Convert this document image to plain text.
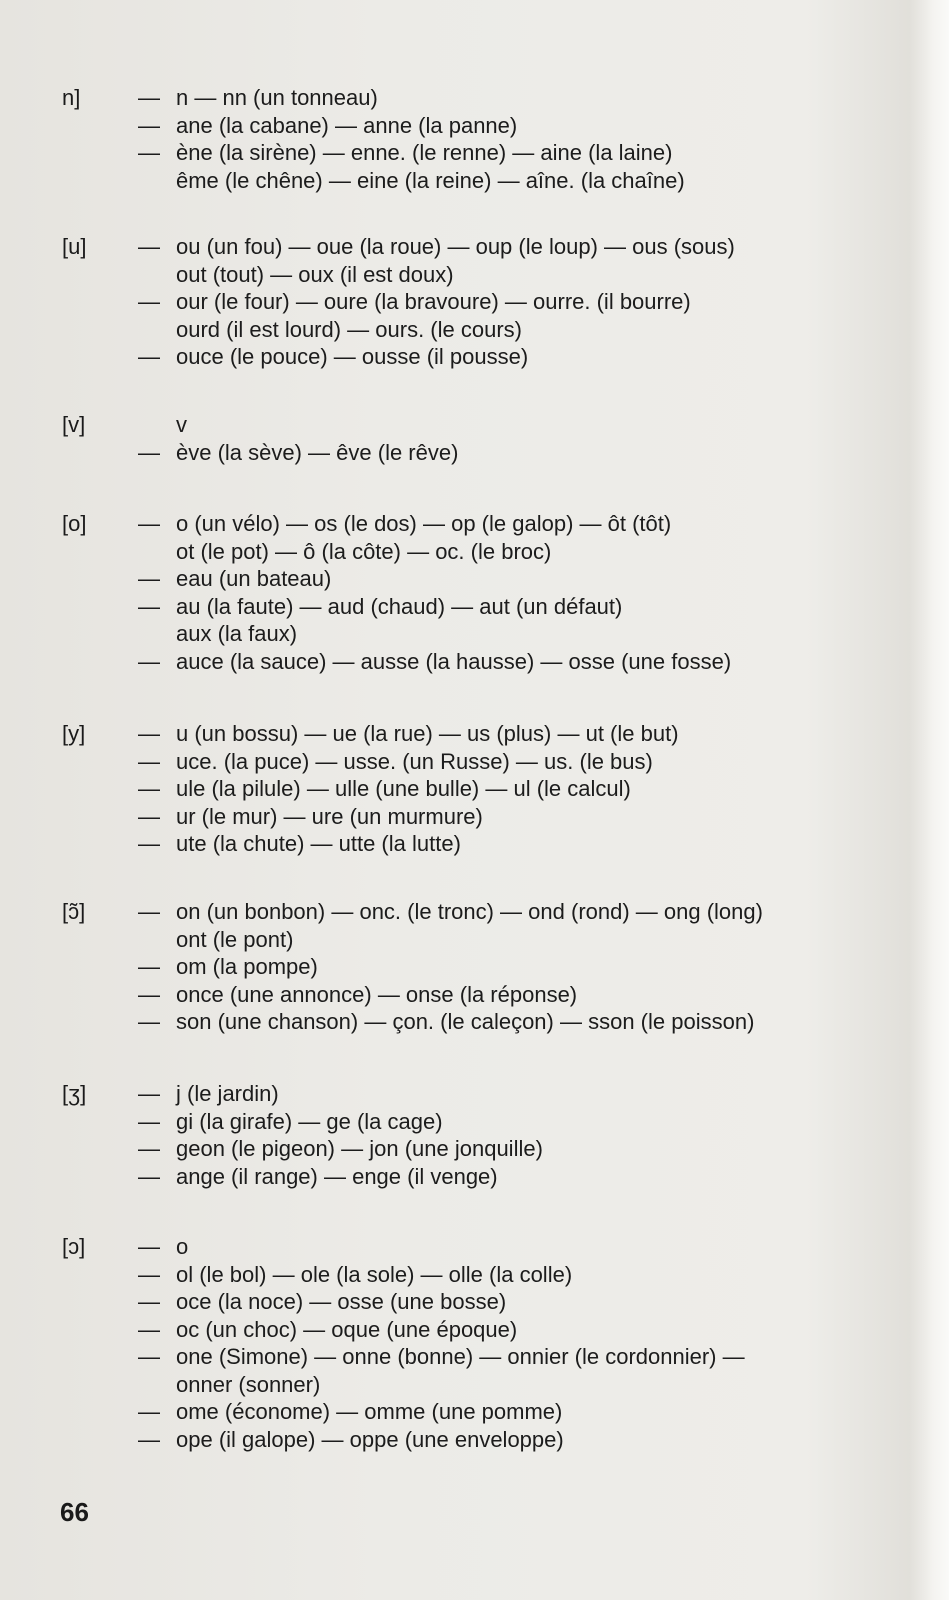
n]	— n — nn (un tonneau)
— ane (la cabane) — anne (la panne)
— ène (la sirène) — enne. (le renne) — aine (la laine)
ême (le chêne) — eine (la reine) — aîne. (la chaîne)
[u] — ou (un fou) — oue (la roue) — oup (le loup) — ous (sous)
out (tout) — oux (il est doux)
— our (le four) — oure (la bravoure) — ourre. (il bourre)
ourd (il est lourd) — ours. (le cours)
— ouce (le pouce) — ousse (il pousse)
[v]	v
— ève (la sève) — êve (le rêve)
[o] — o (un vélo) — os (le dos) — op (le galop) — ôt (tôt)
ot (le pot) — ô (la côte) — oc. (le broc)
— eau (un bateau)
— au (la faute) — aud (chaud) — aut (un défaut)
aux (la faux)
— auce (la sauce) — ausse (la hausse) — osse (une fosse)
[y] — u (un bossu) — ue (la rue) — us (plus) — ut (le but)
— uce. (la puce) — usse. (un Russe) — us. (le bus)
— ule (la pilule) — ulle (une bulle) — ul (le calcul)
— ur (le mur) — ure (un murmure)
— ute (la chute) — utte (la lutte)
[ɔ̃] — on (un bonbon) — onc. (le tronc) — ond (rond) — ong (long)
ont (le pont)
— om (la pompe)
— once (une annonce) — onse (la réponse)
— son (une chanson) — çon. (le caleçon) — sson (le poisson)
[ʒ] — j (le jardin)
— gi (la girafe) — ge (la cage)
— geon (le pigeon) — jon (une jonquille)
— ange (il range) — enge (il venge)
[ɔ] — o
— ol (le bol) — ole (la sole) — olle (la colle)
— oce (la noce) — osse (une bosse)
— oc (un choc) — oque (une époque)
— one (Simone) — onne (bonne) — onnier (le cordonnier) —
onner (sonner)
— ome (économe) — omme (une pomme)
— ope (il galope) — oppe (une enveloppe)
66
